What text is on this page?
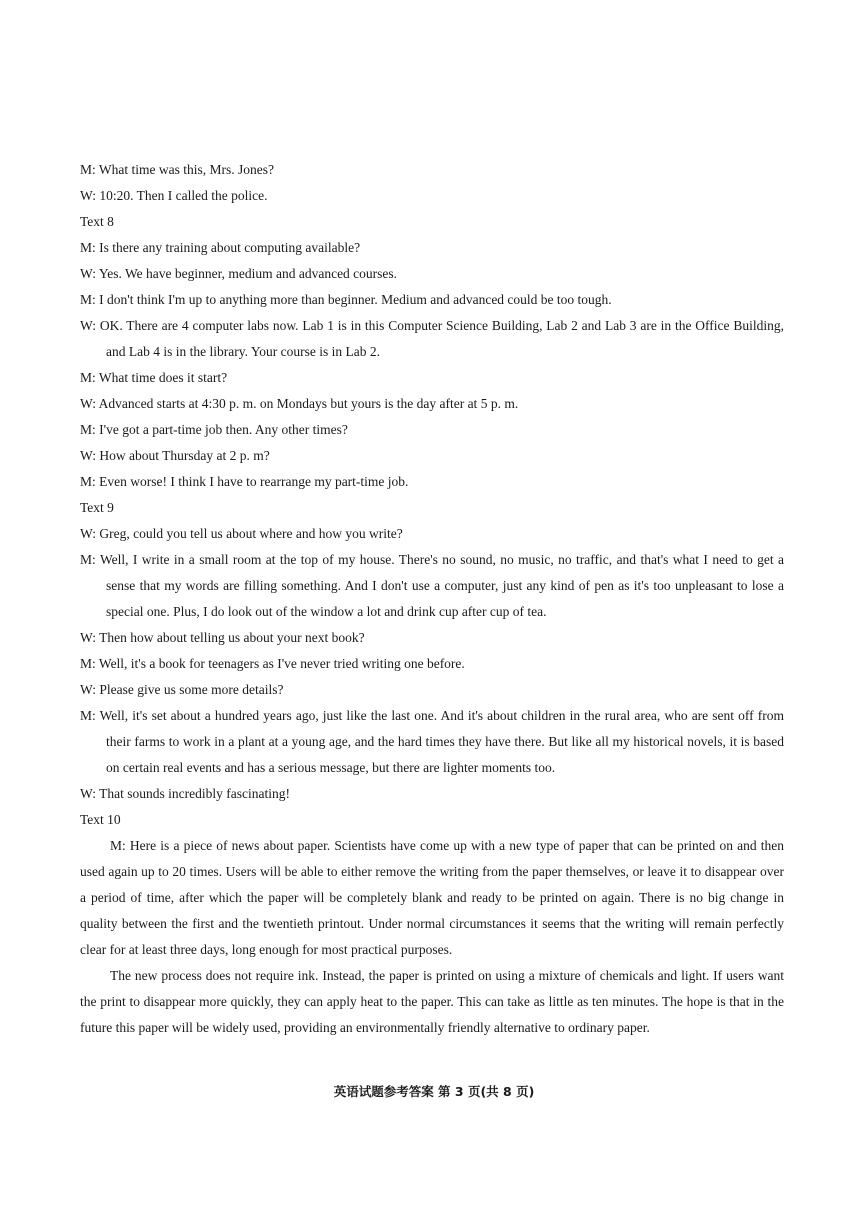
M: What time was this, Mrs. Jones?

W: 10:20. Then I called the police.

Text 8

M: Is there any training about computing available?

W: Yes. We have beginner, medium and advanced courses.

M: I don't think I'm up to anything more than beginner. Medium and advanced could be too tough.

W: OK. There are 4 computer labs now. Lab 1 is in this Computer Science Building, Lab 2 and Lab 3 are in the Office Building, and Lab 4 is in the library. Your course is in Lab 2.

M: What time does it start?

W: Advanced starts at 4:30 p. m. on Mondays but yours is the day after at 5 p. m.

M: I've got a part-time job then. Any other times?

W: How about Thursday at 2 p. m?

M: Even worse! I think I have to rearrange my part-time job.

Text 9

W: Greg, could you tell us about where and how you write?

M: Well, I write in a small room at the top of my house. There's no sound, no music, no traffic, and that's what I need to get a sense that my words are filling something. And I don't use a computer, just any kind of pen as it's too unpleasant to lose a special one. Plus, I do look out of the window a lot and drink cup after cup of tea.

W: Then how about telling us about your next book?

M: Well, it's a book for teenagers as I've never tried writing one before.

W: Please give us some more details?

M: Well, it's set about a hundred years ago, just like the last one. And it's about children in the rural area, who are sent off from their farms to work in a plant at a young age, and the hard times they have there. But like all my historical novels, it is based on certain real events and has a serious message, but there are lighter moments too.

W: That sounds incredibly fascinating!

Text 10

M: Here is a piece of news about paper. Scientists have come up with a new type of paper that can be printed on and then used again up to 20 times. Users will be able to either remove the writing from the paper themselves, or leave it to disappear over a period of time, after which the paper will be completely blank and ready to be printed on again. There is no big change in quality between the first and the twentieth printout. Under normal circumstances it seems that the writing will remain perfectly clear for at least three days, long enough for most practical purposes.

The new process does not require ink. Instead, the paper is printed on using a mixture of chemicals and light. If users want the print to disappear more quickly, they can apply heat to the paper. This can take as little as ten minutes. The hope is that in the future this paper will be widely used, providing an environmentally friendly alternative to ordinary paper.

英语试题参考答案 第 3 页(共 8 页)
